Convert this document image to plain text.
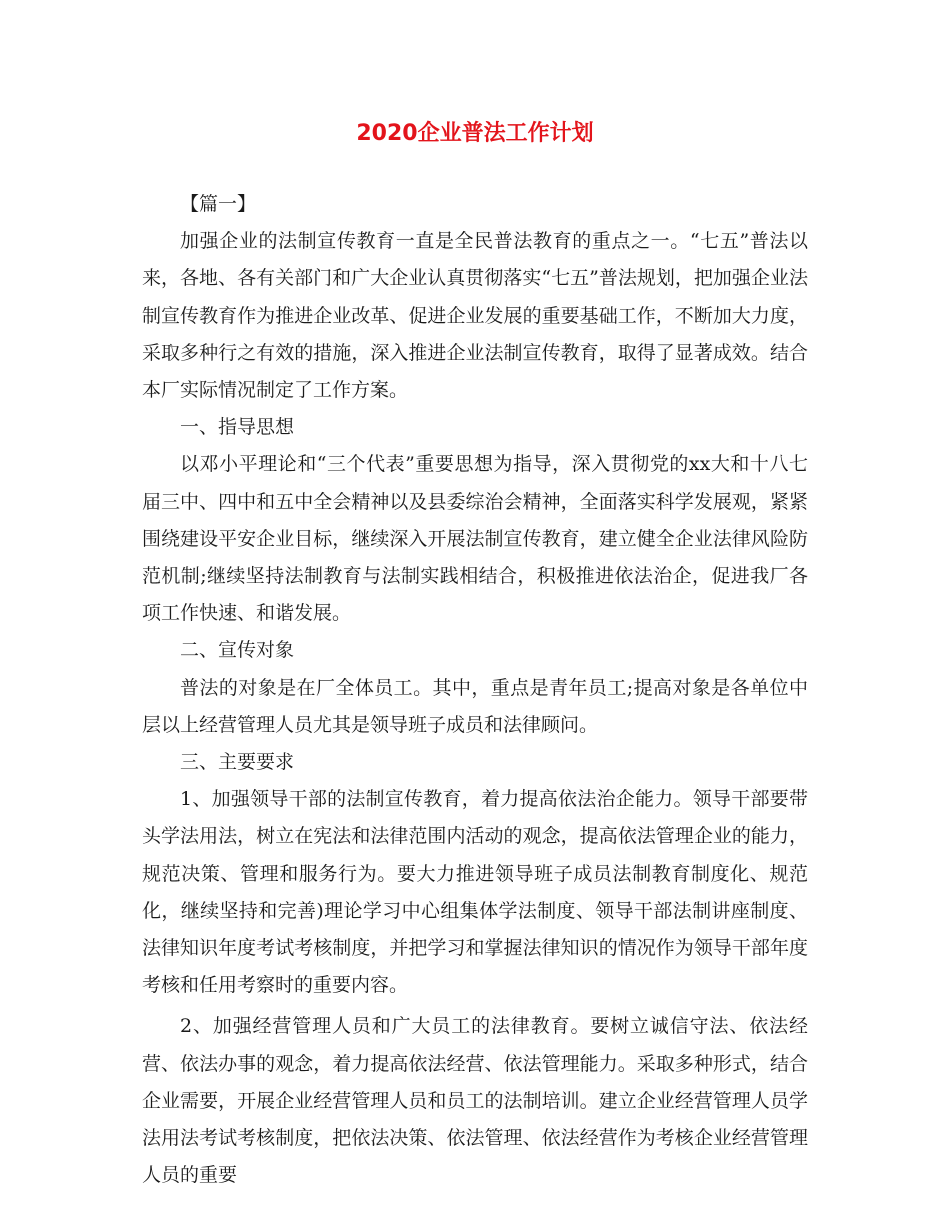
2020企业普法工作计划

【篇一】

加强企业的法制宣传教育一直是全民普法教育的重点之一。“七五”普法以来，各地、各有关部门和广大企业认真贯彻落实“七五”普法规划，把加强企业法制宣传教育作为推进企业改革、促进企业发展的重要基础工作，不断加大力度，采取多种行之有效的措施，深入推进企业法制宣传教育，取得了显著成效。结合本厂实际情况制定了工作方案。

一、指导思想

以邓小平理论和“三个代表”重要思想为指导，深入贯彻党的xx大和十八七届三中、四中和五中全会精神以及县委综治会精神，全面落实科学发展观，紧紧围绕建设平安企业目标，继续深入开展法制宣传教育，建立健全企业法律风险防范机制;继续坚持法制教育与法制实践相结合，积极推进依法治企，促进我厂各项工作快速、和谐发展。

二、宣传对象

普法的对象是在厂全体员工。其中，重点是青年员工;提高对象是各单位中层以上经营管理人员尤其是领导班子成员和法律顾问。

三、主要要求

1、加强领导干部的法制宣传教育，着力提高依法治企能力。领导干部要带头学法用法，树立在宪法和法律范围内活动的观念，提高依法管理企业的能力，规范决策、管理和服务行为。要大力推进领导班子成员法制教育制度化、规范化，继续坚持和完善)理论学习中心组集体学法制度、领导干部法制讲座制度、法律知识年度考试考核制度，并把学习和掌握法律知识的情况作为领导干部年度考核和任用考察时的重要内容。

2、加强经营管理人员和广大员工的法律教育。要树立诚信守法、依法经营、依法办事的观念，着力提高依法经营、依法管理能力。采取多种形式，结合企业需要，开展企业经营管理人员和员工的法制培训。建立企业经营管理人员学法用法考试考核制度，把依法决策、依法管理、依法经营作为考核企业经营管理人员的重要
